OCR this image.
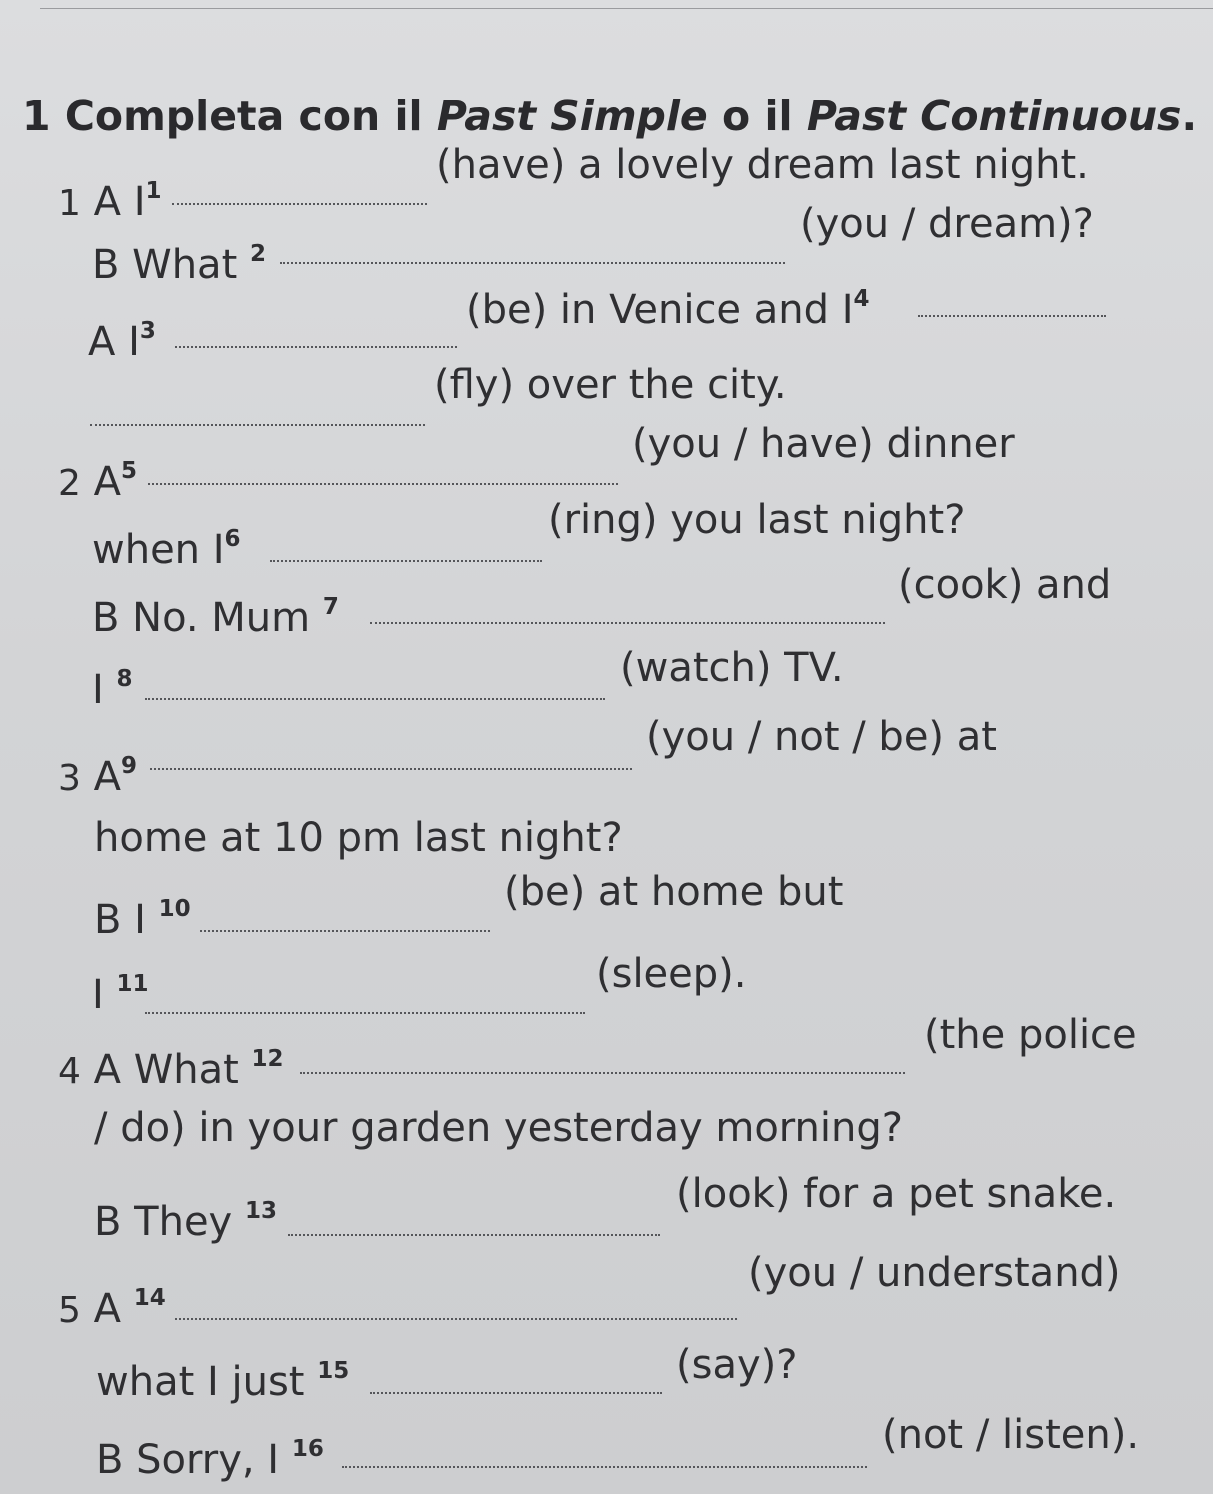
1 Completa con il Past Simple o il Past Continuous.
1 A $I^1$
(have) a lovely dream last night.
B What $^2$
(you / dream)?
A $I^3$	(be) in Venice and $I^4$
(fly) over the city.
2 $A^5$
(you / have) dinner
when $I^6$	(ring) you last night?
B No. Mum $^7$	(cook) and
I $^8$	(watch) TV.
3 $A^9$
(you / not / be) at
home at 10 pm last night?
B I $^{10}$	(be) at home but
I $^{11}$	(sleep).
4 A What $^{12}$
(the police
/ do) in your garden yesterday morning?
B They $^{13}$	(look) for a pet snake.
5 A $^{14}$
(you / understand)
what I just $^{15}$	(say)?
B Sorry, I $^{16}$	(not / listen).
